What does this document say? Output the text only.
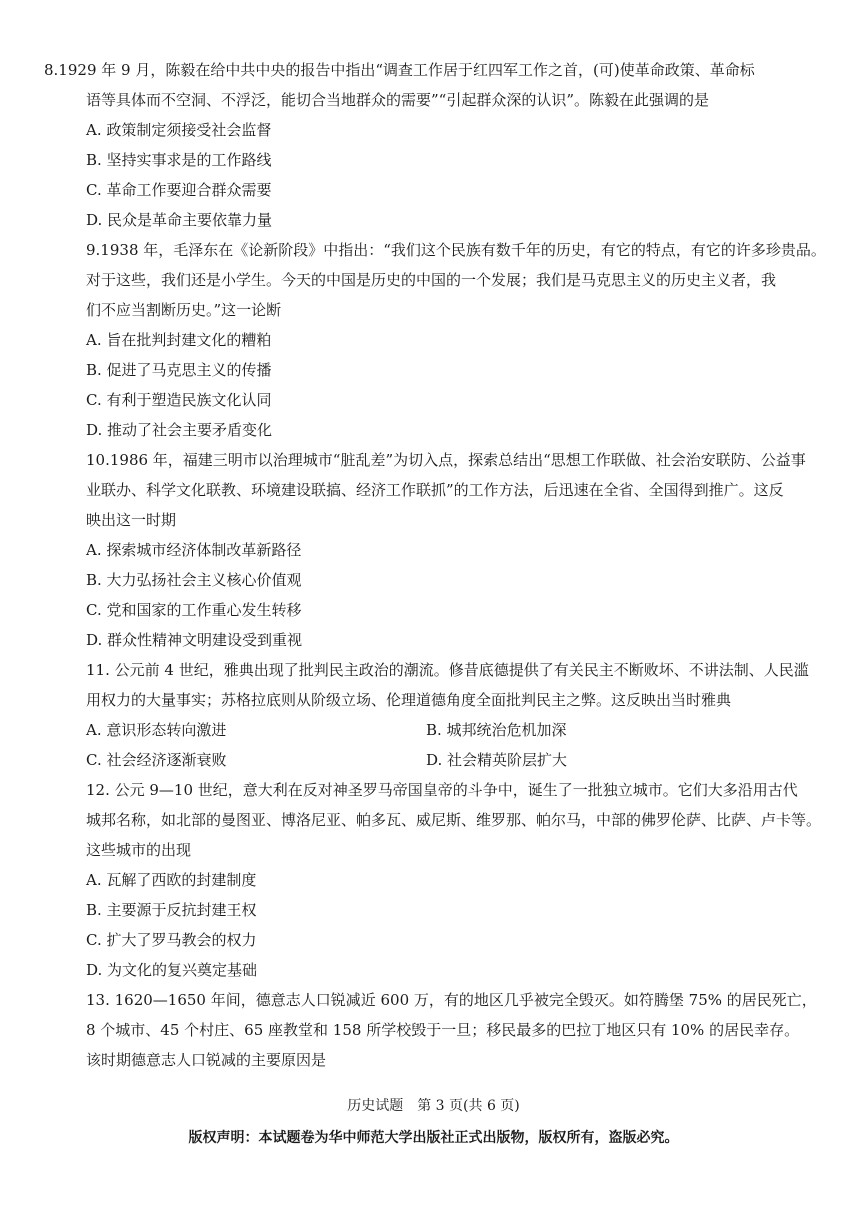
8.1929 年 9 月，陈毅在给中共中央的报告中指出“调查工作居于红四军工作之首，(可)使革命政策、革命标
语等具体而不空洞、不浮泛，能切合当地群众的需要”“引起群众深的认识”。陈毅在此强调的是
A. 政策制定须接受社会监督
B. 坚持实事求是的工作路线
C. 革命工作要迎合群众需要
D. 民众是革命主要依靠力量
9.1938 年，毛泽东在《论新阶段》中指出：“我们这个民族有数千年的历史，有它的特点，有它的许多珍贵品。
对于这些，我们还是小学生。今天的中国是历史的中国的一个发展；我们是马克思主义的历史主义者，我
们不应当割断历史。”这一论断
A. 旨在批判封建文化的糟粕
B. 促进了马克思主义的传播
C. 有利于塑造民族文化认同
D. 推动了社会主要矛盾变化
10.1986 年，福建三明市以治理城市“脏乱差”为切入点，探索总结出“思想工作联做、社会治安联防、公益事
业联办、科学文化联教、环境建设联搞、经济工作联抓”的工作方法，后迅速在全省、全国得到推广。这反
映出这一时期
A. 探索城市经济体制改革新路径
B. 大力弘扬社会主义核心价值观
C. 党和国家的工作重心发生转移
D. 群众性精神文明建设受到重视
11. 公元前 4 世纪，雅典出现了批判民主政治的潮流。修昔底德提供了有关民主不断败坏、不讲法制、人民滥
用权力的大量事实；苏格拉底则从阶级立场、伦理道德角度全面批判民主之弊。这反映出当时雅典
A. 意识形态转向激进	B. 城邦统治危机加深
C. 社会经济逐渐衰败	D. 社会精英阶层扩大
12. 公元 9—10 世纪，意大利在反对神圣罗马帝国皇帝的斗争中，诞生了一批独立城市。它们大多沿用古代
城邦名称，如北部的曼图亚、博洛尼亚、帕多瓦、威尼斯、维罗那、帕尔马，中部的佛罗伦萨、比萨、卢卡等。
这些城市的出现
A. 瓦解了西欧的封建制度
B. 主要源于反抗封建王权
C. 扩大了罗马教会的权力
D. 为文化的复兴奠定基础
13. 1620—1650 年间，德意志人口锐减近 600 万，有的地区几乎被完全毁灭。如符腾堡 75% 的居民死亡，
8 个城市、45 个村庄、65 座教堂和 158 所学校毁于一旦；移民最多的巴拉丁地区只有 10% 的居民幸存。
该时期德意志人口锐减的主要原因是
历史试题　第 3 页(共 6 页)
版权声明：本试题卷为华中师范大学出版社正式出版物，版权所有，盗版必究。
